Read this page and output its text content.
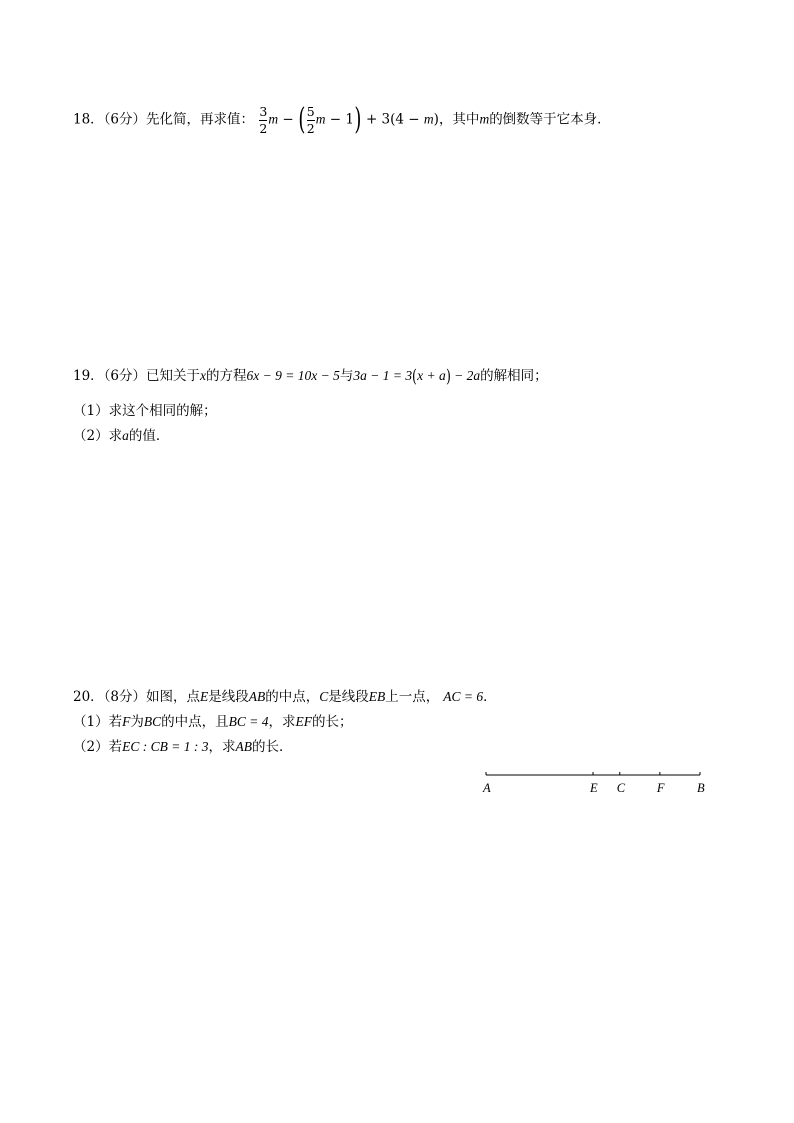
18．（6分）先化简，再求值： $\frac{3}{2}$ m − ( $\frac{5}{2}$ m − 1) + 3(4 − m)，其中m的倒数等于它本身．
19．（6分）已知关于x的方程6x − 9 = 10x − 5与3a − 1 = 3(x + a) − 2a的解相同；
（1）求这个相同的解；
（2）求a的值．
20．（8分）如图，点E是线段AB的中点，C是线段EB上一点， AC = 6．
（1）若F为BC的中点，且BC = 4，求EF的长；
（2）若EC : CB = 1 : 3，求AB的长．
A	E C	F	B
